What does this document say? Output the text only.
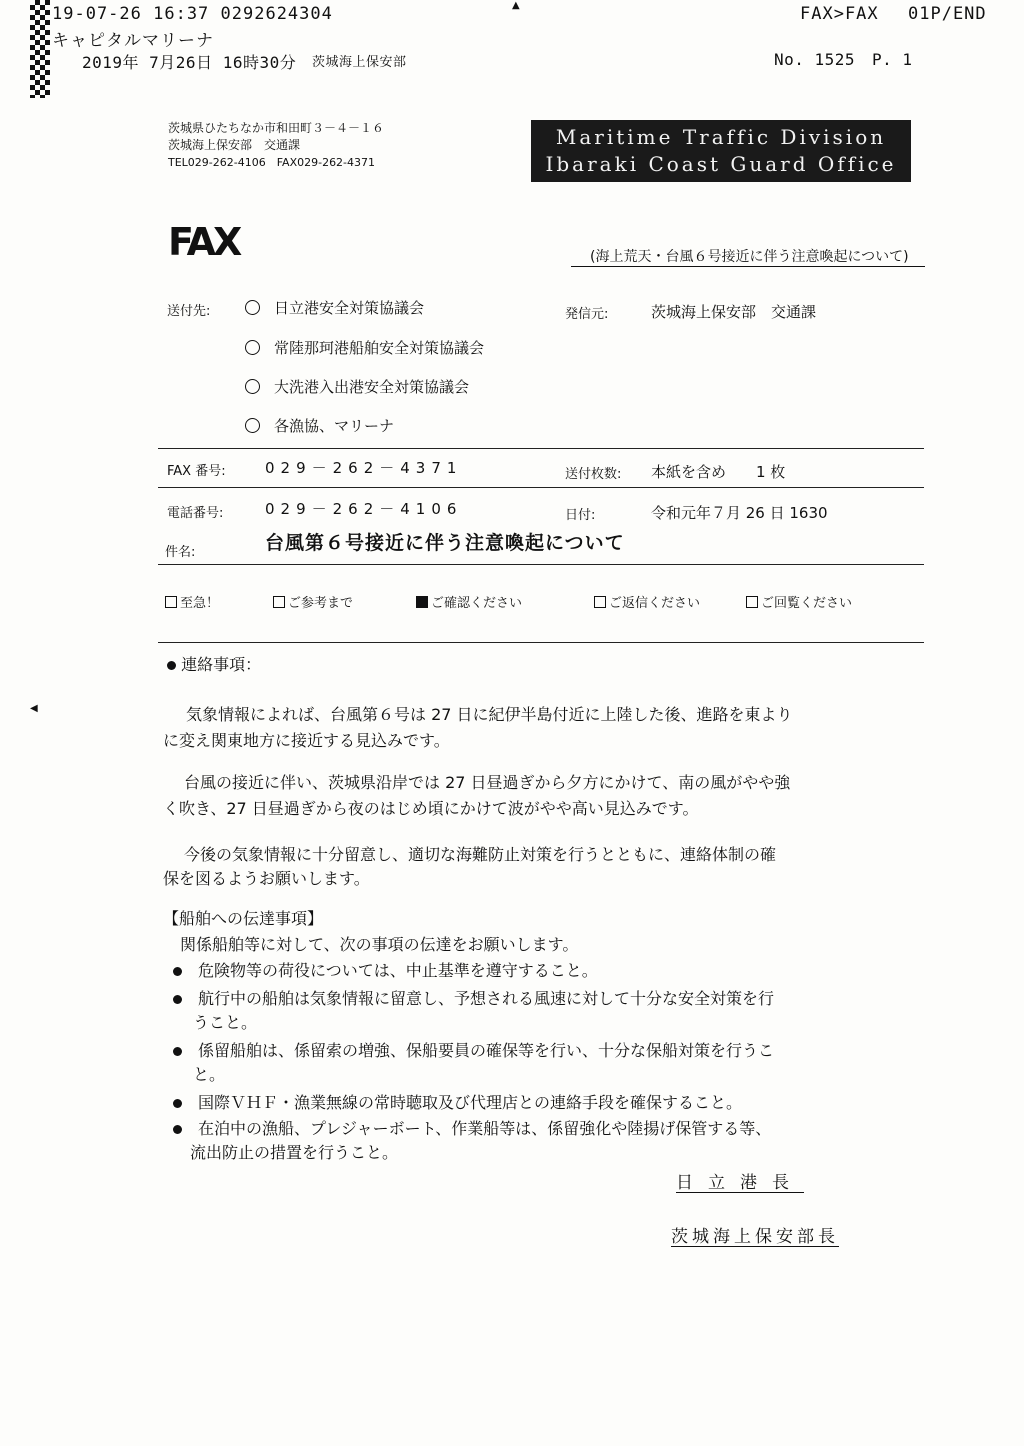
19-07-26 16:37 0292624304	▲	FAX>FAX 01P/END
キャピタルマリーナ
2019年 7月26日 16時30分 茨城海上保安部	No. 1525 P. 1
茨城県ひたちなか市和田町３－４－１６
茨城海上保安部　交通課
TEL029-262-4106　FAX029-262-4371
Maritime Traffic Division
Ibaraki Coast Guard Office
FAX	(海上荒天・台風６号接近に伴う注意喚起について)
送付先:	日立港安全対策協議会
常陸那珂港船舶安全対策協議会
大洗港入出港安全対策協議会
各漁協、マリーナ
発信元:	茨城海上保安部　交通課
FAX 番号:	029－262－4371	送付枚数: 本紙を含め　　1 枚
電話番号:	029－262－4106	日付:	令和元年７月 26 日 1630
件名:	台風第６号接近に伴う注意喚起について
至急！	ご参考まで	ご確認ください	ご返信ください	ご回覧ください
◀
連絡事項：
気象情報によれば、台風第６号は 27 日に紀伊半島付近に上陸した後、進路を東より
に変え関東地方に接近する見込みです。
台風の接近に伴い、茨城県沿岸では 27 日昼過ぎから夕方にかけて、南の風がやや強
く吹き、27 日昼過ぎから夜のはじめ頃にかけて波がやや高い見込みです。
今後の気象情報に十分留意し、適切な海難防止対策を行うとともに、連絡体制の確
保を図るようお願いします。
【船舶への伝達事項】
関係船舶等に対して、次の事項の伝達をお願いします。
　危険物等の荷役については、中止基準を遵守すること。
　航行中の船舶は気象情報に留意し、予想される風速に対して十分な安全対策を行
うこと。
　係留船舶は、係留索の増強、保船要員の確保等を行い、十分な保船対策を行うこ
と。
　国際ＶＨＦ・漁業無線の常時聴取及び代理店との連絡手段を確保すること。
　在泊中の漁船、プレジャーボート、作業船等は、係留強化や陸揚げ保管する等、
流出防止の措置を行うこと。
日立港長
茨城海上保安部長
